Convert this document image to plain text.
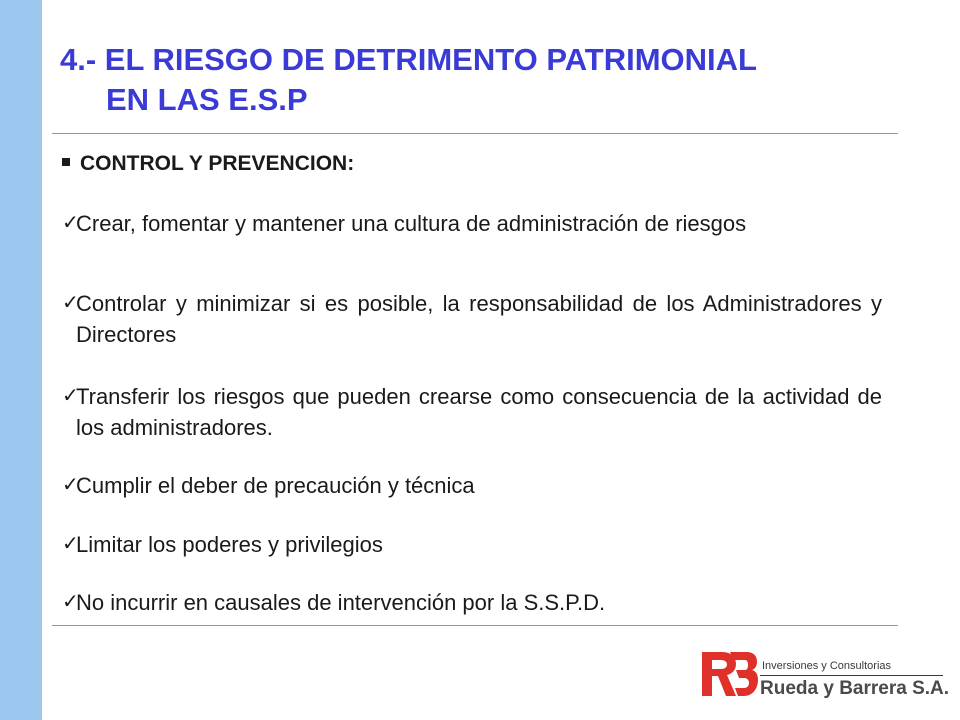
4.- EL RIESGO DE DETRIMENTO PATRIMONIAL
EN LAS E.S.P
CONTROL Y PREVENCION:
✓
Crear, fomentar y mantener una cultura de administración de riesgos
✓
Controlar y minimizar si es posible, la responsabilidad de los Administradores y Directores
✓
Transferir los riesgos que pueden crearse como consecuencia de la actividad de los administradores.
✓
Cumplir el deber de precaución y técnica
✓
Limitar los poderes y privilegios
✓
No incurrir en causales de intervención por la S.S.P.D.
Inversiones y Consultorias
Rueda y Barrera S.A.
